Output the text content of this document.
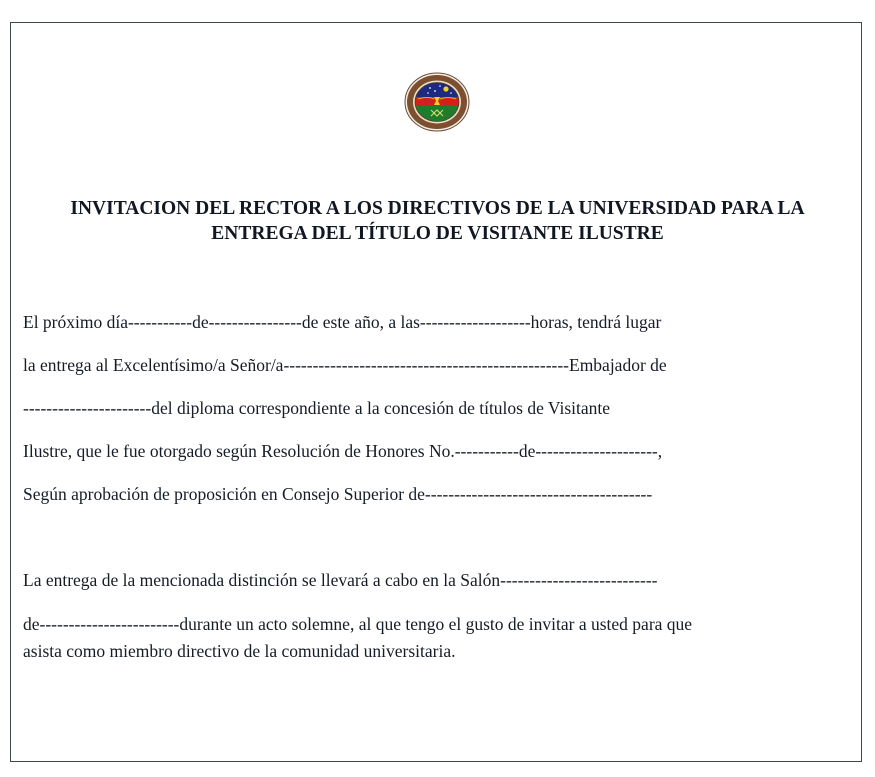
INVITACION DEL RECTOR A LOS DIRECTIVOS DE LA UNIVERSIDAD PARA LA
ENTREGA DEL TÍTULO DE VISITANTE ILUSTRE
El próximo día-----------de----------------de este año, a las-------------------horas, tendrá lugar
la entrega al Excelentísimo/a Señor/a-------------------------------------------------Embajador de
----------------------del diploma correspondiente a la concesión de títulos de Visitante
Ilustre, que le fue otorgado según Resolución de Honores No.-----------de---------------------,
Según aprobación de proposición en Consejo Superior de---------------------------------------
La entrega de la mencionada distinción se llevará a cabo en la Salón---------------------------
de------------------------durante un acto solemne, al que tengo el gusto de invitar a usted para que
asista como miembro directivo de la comunidad universitaria.
